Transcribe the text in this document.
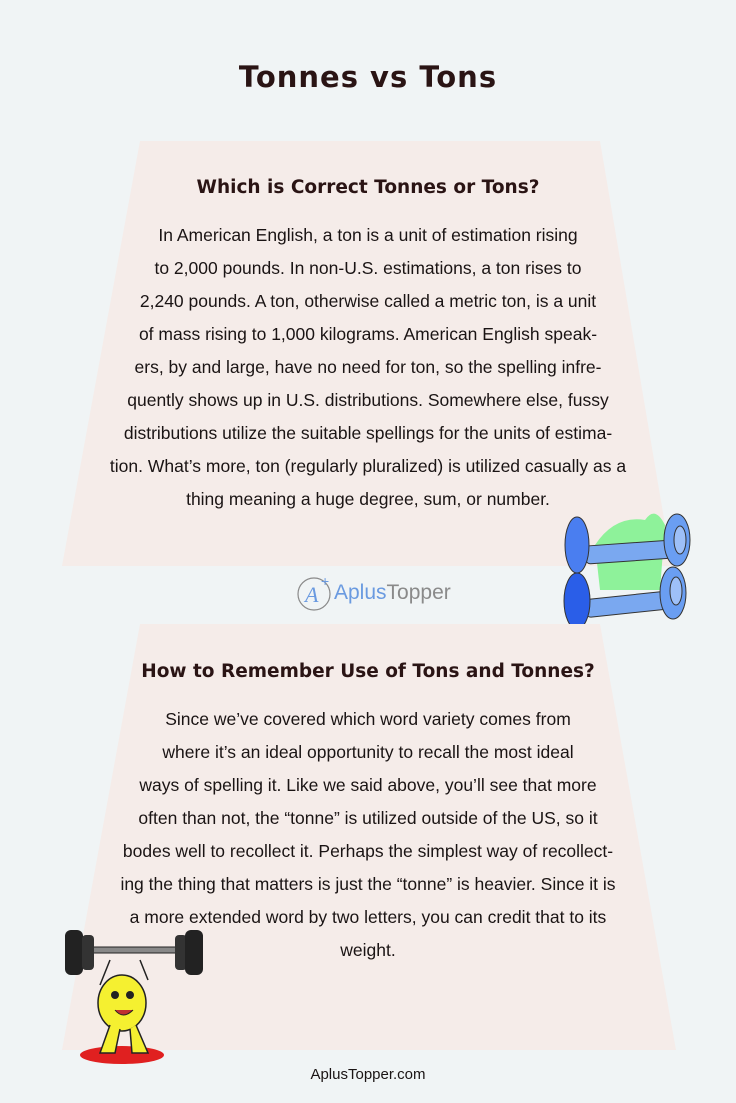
Tonnes vs Tons
Which is Correct Tonnes or Tons?
In American English, a ton is a unit of estimation rising
to 2,000 pounds. In non-U.S. estimations, a ton rises to
2,240 pounds. A ton, otherwise called a metric ton, is a unit
of mass rising to 1,000 kilograms. American English speak-
ers, by and large, have no need for ton, so the spelling infre-
quently shows up in U.S. distributions. Somewhere else, fussy
distributions utilize the suitable spellings for the units of estima-
tion. What’s more, ton (regularly pluralized) is utilized casually as a
thing meaning a huge degree, sum, or number.
A
+ Aplus Topper
How to Remember Use of Tons and Tonnes?
Since we’ve covered which word variety comes from
where it’s an ideal opportunity to recall the most ideal
ways of spelling it. Like we said above, you’ll see that more
often than not, the “tonne” is utilized outside of the US, so it
bodes well to recollect it. Perhaps the simplest way of recollect-
ing the thing that matters is just the “tonne” is heavier. Since it is
a more extended word by two letters, you can credit that to its
weight.
AplusTopper.com
